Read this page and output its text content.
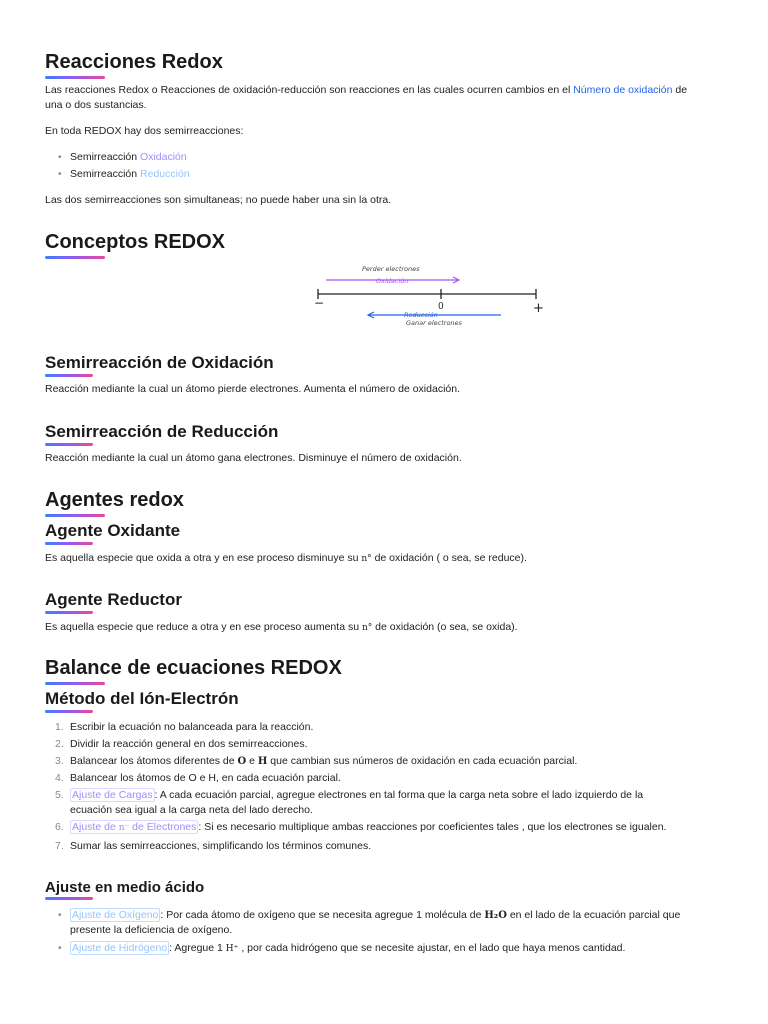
Reacciones Redox

Las reacciones Redox o Reacciones de oxidación-reducción son reacciones en las cuales ocurren cambios en el Número de oxidación de
una o dos sustancias.

En toda REDOX hay dos semirreacciones:

• Semirreacción Oxidación
• Semirreacción Reducción

Las dos semirreacciones son simultaneas; no puede haber una sin la otra.

Conceptos REDOX
Perder electrones
Oxidación
−	0	+
Reducción
Ganar electrones
Semirreacción de Oxidación

Reacción mediante la cual un átomo pierde electrones. Aumenta el número de oxidación.

Semirreacción de Reducción

Reacción mediante la cual un átomo gana electrones. Disminuye el número de oxidación.

Agentes redox
Agente Oxidante

Es aquella especie que oxida a otra y en ese proceso disminuye su n° de oxidación ( o sea, se reduce).

Agente Reductor

Es aquella especie que reduce a otra y en ese proceso aumenta su n° de oxidación (o sea, se oxida).

Balance de ecuaciones REDOX
Método del Ión-Electrón
1. Escribir la ecuación no balanceada para la reacción.
2. Dividir la reacción general en dos semirreacciones.
3. Balancear los átomos diferentes de O e H que cambian sus números de oxidación en cada ecuación parcial.
4. Balancear los átomos de O e H, en cada ecuación parcial.
5. Ajuste de Cargas : A cada ecuación parcial, agregue electrones en tal forma que la carga neta sobre el lado izquierdo de la
ecuación sea igual a la carga neta del lado derecho.
6. Ajuste de n⁻ de Electrones : Si es necesario multiplique ambas reacciones por coeficientes tales , que los electrones se igualen.
7. Sumar las semirreacciones, simplificando los términos comunes.
Ajuste en medio ácido
• Ajuste de Oxígeno : Por cada átomo de oxígeno que se necesita agregue 1 molécula de H₂O en el lado de la ecuación parcial que
presente la deficiencia de oxígeno.
• Ajuste de Hidrógeno : Agregue 1 H⁺ , por cada hidrógeno que se necesite ajustar, en el lado que haya menos cantidad.
